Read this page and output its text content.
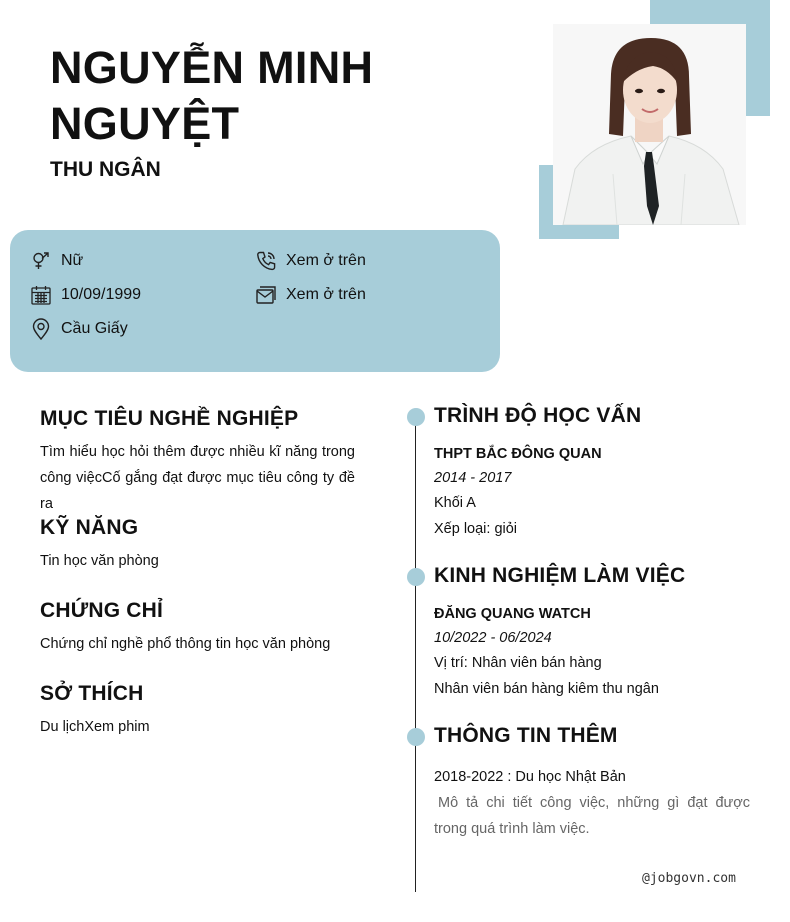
NGUYỄN MINH NGUYỆT
THU NGÂN
Nữ
10/09/1999
Cầu Giấy
Xem ở trên
Xem ở trên
MỤC TIÊU NGHỀ NGHIỆP
Tìm hiểu học hỏi thêm được nhiều kĩ năng trong công việcCố gắng đạt được mục tiêu công ty đề ra
KỸ NĂNG
Tin học văn phòng
CHỨNG CHỈ
Chứng chỉ nghề phổ thông tin học văn phòng
SỞ THÍCH
Du lịchXem phim
TRÌNH ĐỘ HỌC VẤN
THPT BẮC ĐÔNG QUAN
2014 - 2017
Khối A
Xếp loại: giỏi
KINH NGHIỆM LÀM VIỆC
ĐĂNG QUANG WATCH
10/2022 - 06/2024
Vị trí: Nhân viên bán hàng
Nhân viên bán hàng kiêm thu ngân
THÔNG TIN THÊM
2018-2022 : Du học Nhật Bản
Mô tả chi tiết công việc, những gì đạt được trong quá trình làm việc.
@jobgovn.com
